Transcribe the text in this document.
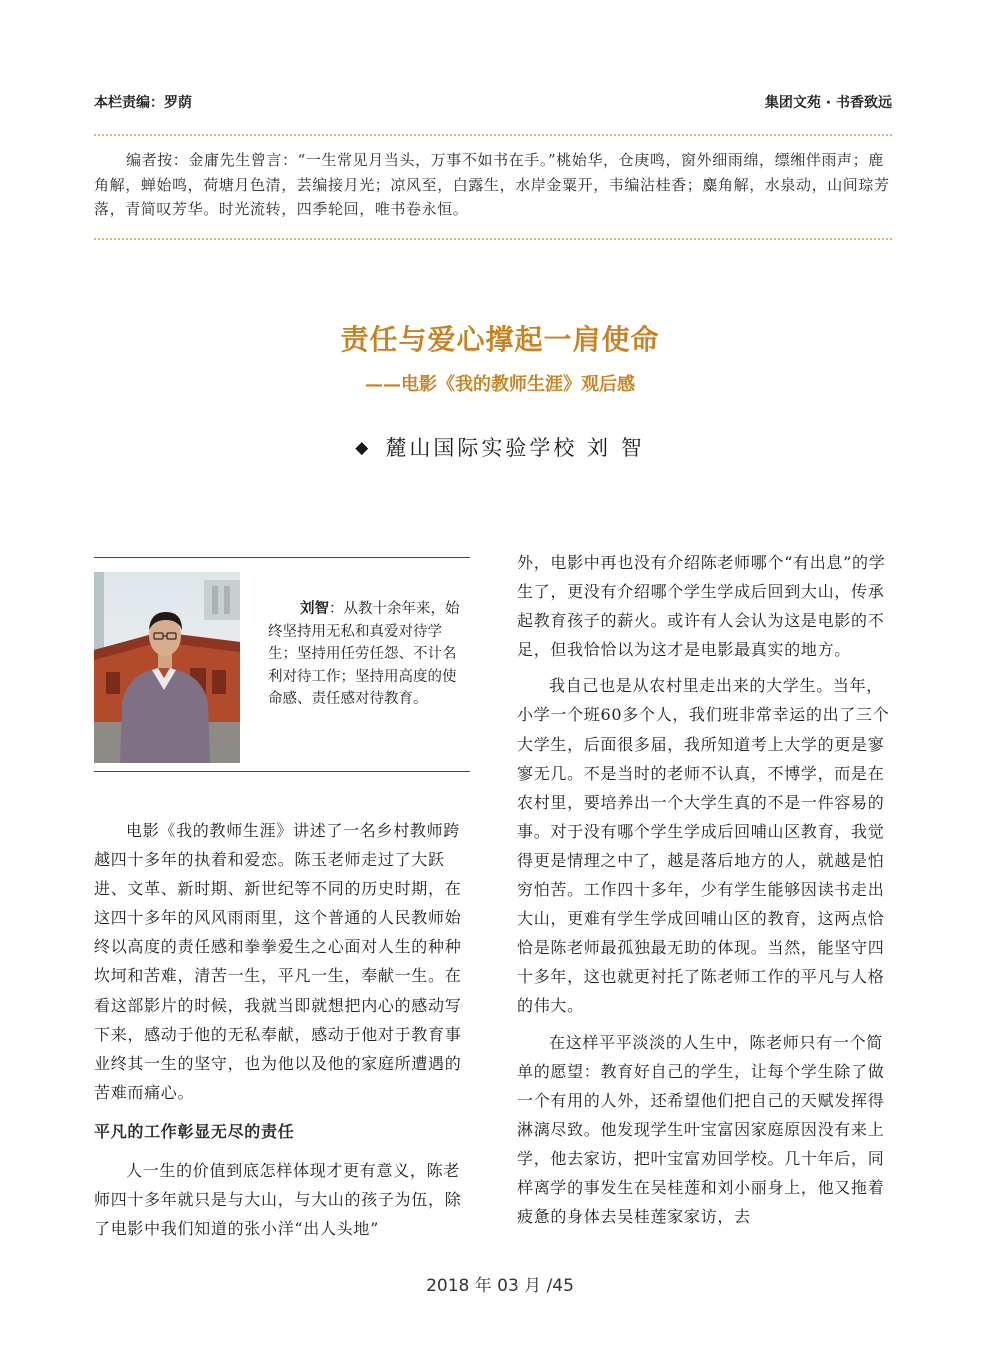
本栏责编：罗荫	集团文苑 · 书香致远

编者按：金庸先生曾言：“一生常见月当头，万事不如书在手。”桃始华，仓庚鸣，窗外细雨绵，缥缃伴雨声；鹿角解，蝉始鸣，荷塘月色清，芸编接月光；凉风至，白露生，水岸金粟开，韦编沾桂香；麋角解，水泉动，山间琮芳落，青简叹芳华。时光流转，四季轮回，唯书卷永恒。

责任与爱心撑起一肩使命
——电影《我的教师生涯》观后感
◆ 麓山国际实验学校 刘 智

刘智：从教十余年来，始终坚持用无私和真爱对待学生；坚持用任劳任怨、不计名利对待工作；坚持用高度的使命感、责任感对待教育。

电影《我的教师生涯》讲述了一名乡村教师跨越四十多年的执着和爱恋。陈玉老师走过了大跃进、文革、新时期、新世纪等不同的历史时期，在这四十多年的风风雨雨里，这个普通的人民教师始终以高度的责任感和拳拳爱生之心面对人生的种种坎坷和苦难，清苦一生，平凡一生，奉献一生。在看这部影片的时候，我就当即就想把内心的感动写下来，感动于他的无私奉献，感动于他对于教育事业终其一生的坚守，也为他以及他的家庭所遭遇的苦难而痛心。

平凡的工作彰显无尽的责任

人一生的价值到底怎样体现才更有意义，陈老师四十多年就只是与大山，与大山的孩子为伍，除了电影中我们知道的张小洋“出人头地”

外，电影中再也没有介绍陈老师哪个“有出息”的学生了，更没有介绍哪个学生学成后回到大山，传承起教育孩子的薪火。或许有人会认为这是电影的不足，但我恰恰以为这才是电影最真实的地方。

我自己也是从农村里走出来的大学生。当年，小学一个班60多个人，我们班非常幸运的出了三个大学生，后面很多届，我所知道考上大学的更是寥寥无几。不是当时的老师不认真，不博学，而是在农村里，要培养出一个大学生真的不是一件容易的事。对于没有哪个学生学成后回哺山区教育，我觉得更是情理之中了，越是落后地方的人，就越是怕穷怕苦。工作四十多年，少有学生能够因读书走出大山，更难有学生学成回哺山区的教育，这两点恰恰是陈老师最孤独最无助的体现。当然，能坚守四十多年，这也就更衬托了陈老师工作的平凡与人格的伟大。

在这样平平淡淡的人生中，陈老师只有一个简单的愿望：教育好自己的学生，让每个学生除了做一个有用的人外，还希望他们把自己的天赋发挥得淋漓尽致。他发现学生叶宝富因家庭原因没有来上学，他去家访，把叶宝富劝回学校。几十年后，同样离学的事发生在吴桂莲和刘小丽身上，他又拖着疲惫的身体去吴桂莲家家访，去

2018 年 03 月 /45
